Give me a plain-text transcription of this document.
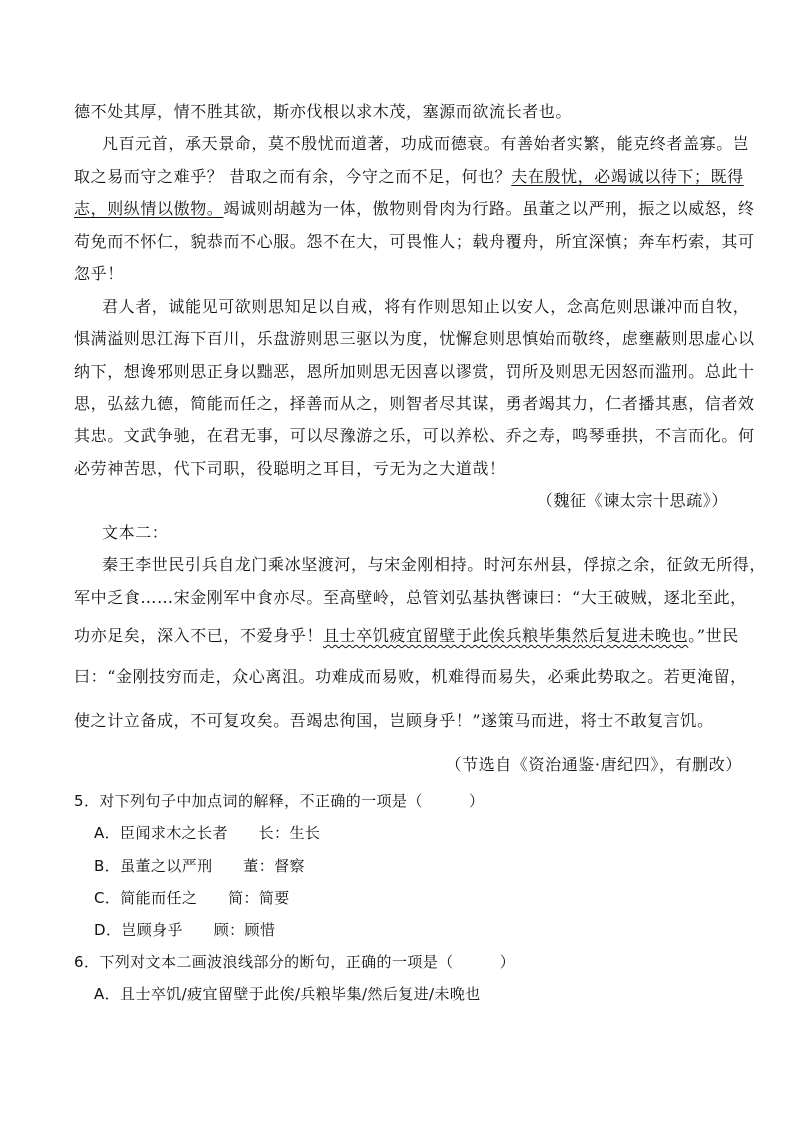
德不处其厚，情不胜其欲，斯亦伐根以求木茂，塞源而欲流长者也。
凡百元首，承天景命，莫不殷忧而道著，功成而德衰。有善始者实繁，能克终者盖寡。岂
取之易而守之难乎？ 昔取之而有余，今守之而不足，何也？夫在殷忧，必竭诚以待下；既得
志，则纵情以傲物。竭诚则胡越为一体，傲物则骨肉为行路。虽董之以严刑，振之以威怒，终
苟免而不怀仁，貌恭而不心服。怨不在大，可畏惟人；载舟覆舟，所宜深慎；奔车朽索，其可
忽乎！
君人者，诚能见可欲则思知足以自戒，将有作则思知止以安人，念高危则思谦冲而自牧，
惧满溢则思江海下百川，乐盘游则思三驱以为度，忧懈怠则思慎始而敬终，虑壅蔽则思虚心以
纳下，想谗邪则思正身以黜恶，恩所加则思无因喜以谬赏，罚所及则思无因怒而滥刑。总此十
思，弘兹九德，简能而任之，择善而从之，则智者尽其谋，勇者竭其力，仁者播其惠，信者效
其忠。文武争驰，在君无事，可以尽豫游之乐，可以养松、乔之寿，鸣琴垂拱，不言而化。何
必劳神苦思，代下司职，役聪明之耳目，亏无为之大道哉！
（魏征《谏太宗十思疏》）
文本二：
秦王李世民引兵自龙门乘冰坚渡河，与宋金刚相持。时河东州县，俘掠之余，征敛无所得，
军中乏食……宋金刚军中食亦尽。至高壁岭，总管刘弘基执辔谏曰：“大王破贼，逐北至此，
功亦足矣，深入不已，不爱身乎！且士卒饥疲宜留壁于此俟兵粮毕集然后复进未晚也。”世民
曰：“金刚技穷而走，众心离沮。功难成而易败，机难得而易失，必乘此势取之。若更淹留，
使之计立备成，不可复攻矣。吾竭忠徇国，岂顾身乎！”遂策马而进，将士不敢复言饥。
（节选自《资治通鉴·唐纪四》，有删改）
5．对下列句子中加点词的解释，不正确的一项是（　　　）
A．臣闻求木之长者　　长：生长
B．虽董之以严刑　　董：督察
C．简能而任之　　简：简要
D．岂顾身乎　　顾：顾惜
6．下列对文本二画波浪线部分的断句，正确的一项是（　　　）
A．且士卒饥/疲宜留壁于此俟/兵粮毕集/然后复进/未晚也
